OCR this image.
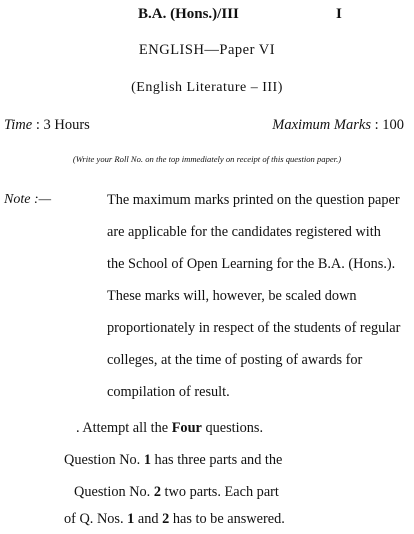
B.A. (Hons.)/III	I
ENGLISH—Paper VI
(English Literature – III)
Time : 3 Hours	Maximum Marks : 100
(Write your Roll No. on the top immediately on receipt of this question paper.)
Note :—	The maximum marks printed on the question paper
are applicable for the candidates registered with
the School of Open Learning for the B.A. (Hons.).
These marks will, however, be scaled down
proportionately in respect of the students of regular
colleges, at the time of posting of awards for
compilation of result.
. Attempt all the Four questions.
Question No. 1 has three parts and the
Question No. 2 two parts. Each part
of Q. Nos. 1 and 2 has to be answered.
